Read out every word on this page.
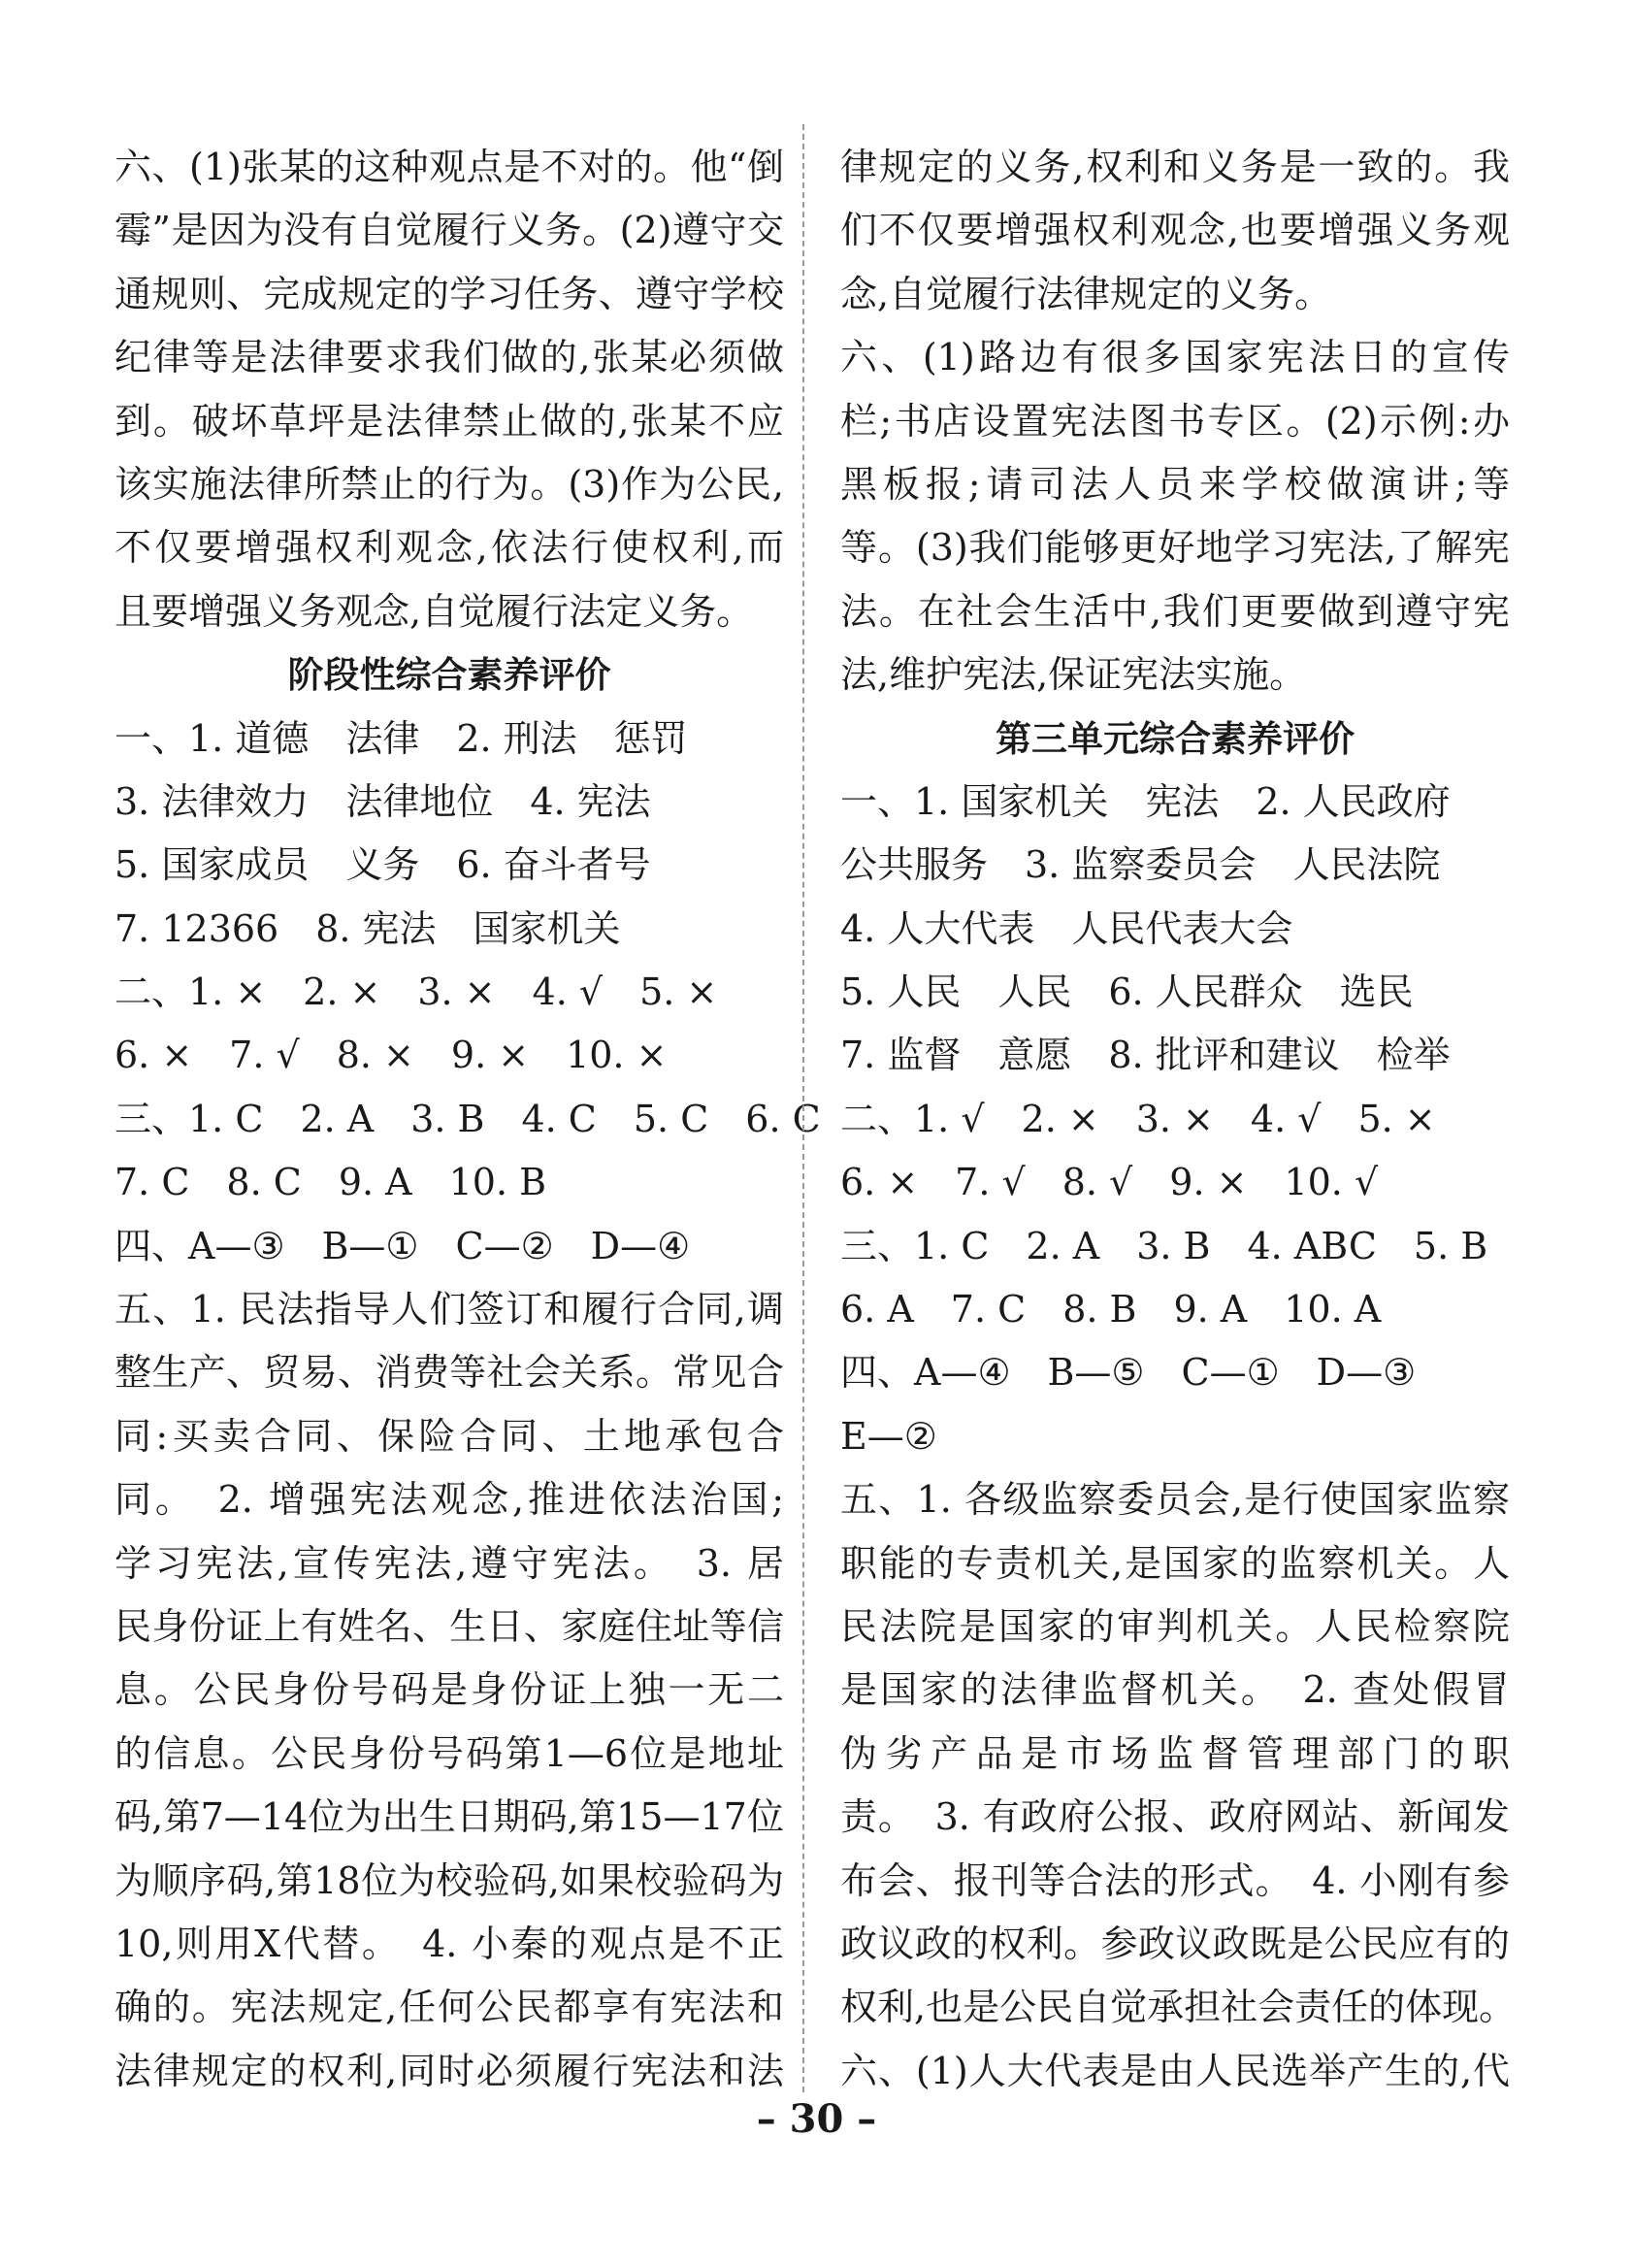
六、(1)张某的这种观点是不对的。他“倒
霉”是因为没有自觉履行义务。(2)遵守交
通规则、完成规定的学习任务、遵守学校
纪律等是法律要求我们做的,张某必须做
到。破坏草坪是法律禁止做的,张某不应
该实施法律所禁止的行为。(3)作为公民,
不仅要增强权利观念,依法行使权利,而
且要增强义务观念,自觉履行法定义务。
阶段性综合素养评价
一、1. 道德　法律　2. 刑法　惩罚
3. 法律效力　法律地位　4. 宪法
5. 国家成员　义务　6. 奋斗者号
7. 12366　8. 宪法　国家机关
二、1. ×　2. ×　3. ×　4. √　5. ×
6. ×　7. √　8. ×　9. ×　10. ×
三、1. C　2. A　3. B　4. C　5. C　6. C
7. C　8. C　9. A　10. B
四、A—③　B—①　C—②　D—④
五、1. 民法指导人们签订和履行合同,调
整生产、贸易、消费等社会关系。常见合
同:买卖合同、保险合同、土地承包合
同。　2. 增强宪法观念,推进依法治国;
学习宪法,宣传宪法,遵守宪法。　3. 居
民身份证上有姓名、生日、家庭住址等信
息。公民身份号码是身份证上独一无二
的信息。公民身份号码第1—6位是地址
码,第7—14位为出生日期码,第15—17位
为顺序码,第18位为校验码,如果校验码为
10,则用X代替。　4. 小秦的观点是不正
确的。宪法规定,任何公民都享有宪法和
法律规定的权利,同时必须履行宪法和法
律规定的义务,权利和义务是一致的。我
们不仅要增强权利观念,也要增强义务观
念,自觉履行法律规定的义务。
六、(1)路边有很多国家宪法日的宣传
栏;书店设置宪法图书专区。(2)示例:办
黑板报;请司法人员来学校做演讲;等
等。(3)我们能够更好地学习宪法,了解宪
法。在社会生活中,我们更要做到遵守宪
法,维护宪法,保证宪法实施。
第三单元综合素养评价
一、1. 国家机关　宪法　2. 人民政府
公共服务　3. 监察委员会　人民法院
4. 人大代表　人民代表大会
5. 人民　人民　6. 人民群众　选民
7. 监督　意愿　8. 批评和建议　检举
二、1. √　2. ×　3. ×　4. √　5. ×
6. ×　7. √　8. √　9. ×　10. √
三、1. C　2. A　3. B　4. ABC　5. B
6. A　7. C　8. B　9. A　10. A
四、A—④　B—⑤　C—①　D—③
E—②
五、1. 各级监察委员会,是行使国家监察
职能的专责机关,是国家的监察机关。人
民法院是国家的审判机关。人民检察院
是国家的法律监督机关。　2. 查处假冒
伪劣产品是市场监督管理部门的职
责。　3. 有政府公报、政府网站、新闻发
布会、报刊等合法的形式。　4. 小刚有参
政议政的权利。参政议政既是公民应有的
权利,也是公民自觉承担社会责任的体现。
六、(1)人大代表是由人民选举产生的,代
– 30 –
